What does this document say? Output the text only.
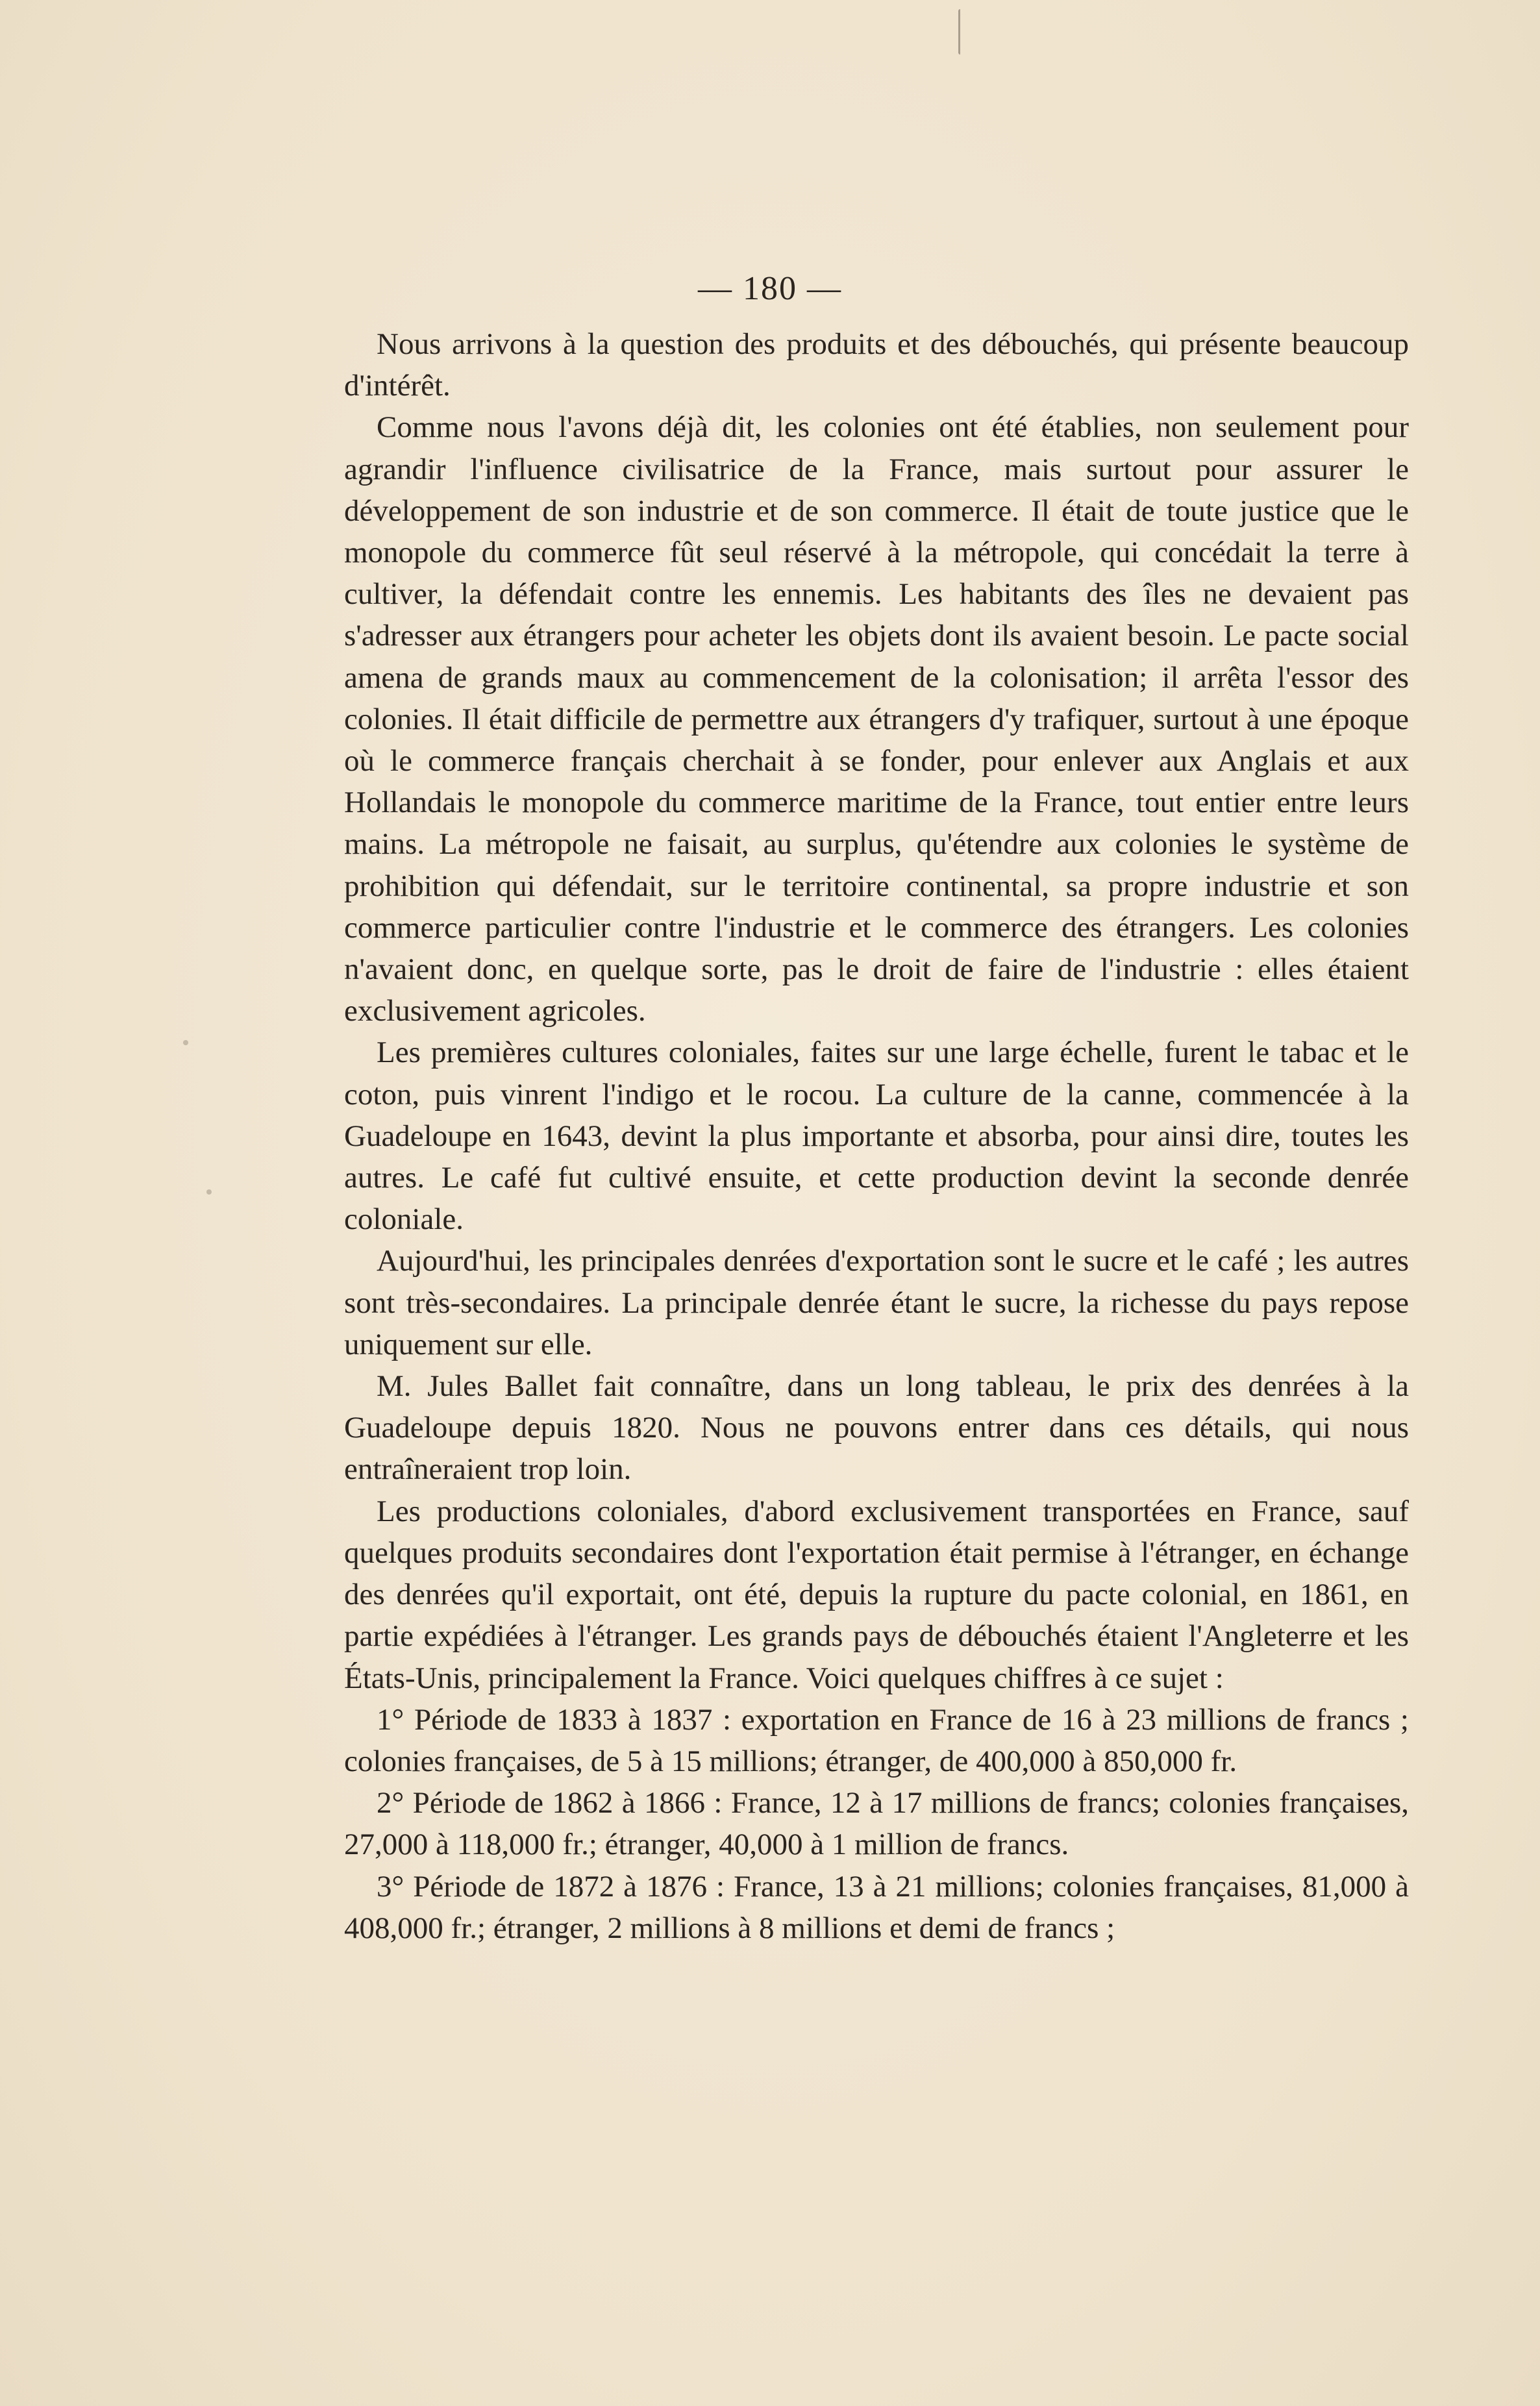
— 180 —

Nous arrivons à la question des produits et des débouchés, qui présente beaucoup d'intérêt.

Comme nous l'avons déjà dit, les colonies ont été établies, non seulement pour agrandir l'influence civilisatrice de la France, mais surtout pour assurer le développement de son industrie et de son commerce. Il était de toute justice que le monopole du commerce fût seul réservé à la métropole, qui concédait la terre à cultiver, la défendait contre les ennemis. Les habitants des îles ne devaient pas s'adresser aux étrangers pour acheter les objets dont ils avaient besoin. Le pacte social amena de grands maux au commencement de la colonisation; il arrêta l'essor des colonies. Il était difficile de permettre aux étrangers d'y trafiquer, surtout à une époque où le commerce français cherchait à se fonder, pour enlever aux Anglais et aux Hollandais le monopole du commerce maritime de la France, tout entier entre leurs mains. La métropole ne faisait, au surplus, qu'étendre aux colonies le système de prohibition qui défendait, sur le territoire continental, sa propre industrie et son commerce particulier contre l'industrie et le commerce des étrangers. Les colonies n'avaient donc, en quelque sorte, pas le droit de faire de l'industrie : elles étaient exclusivement agricoles.

Les premières cultures coloniales, faites sur une large échelle, furent le tabac et le coton, puis vinrent l'indigo et le rocou. La culture de la canne, commencée à la Guadeloupe en 1643, devint la plus importante et absorba, pour ainsi dire, toutes les autres. Le café fut cultivé ensuite, et cette production devint la seconde denrée coloniale.

Aujourd'hui, les principales denrées d'exportation sont le sucre et le café ; les autres sont très-secondaires. La principale denrée étant le sucre, la richesse du pays repose uniquement sur elle.

M. Jules Ballet fait connaître, dans un long tableau, le prix des denrées à la Guadeloupe depuis 1820. Nous ne pouvons entrer dans ces détails, qui nous entraîneraient trop loin.

Les productions coloniales, d'abord exclusivement transportées en France, sauf quelques produits secondaires dont l'exportation était permise à l'étranger, en échange des denrées qu'il exportait, ont été, depuis la rupture du pacte colonial, en 1861, en partie expédiées à l'étranger. Les grands pays de débouchés étaient l'Angleterre et les États-Unis, principalement la France. Voici quelques chiffres à ce sujet :

1° Période de 1833 à 1837 : exportation en France de 16 à 23 millions de francs ; colonies françaises, de 5 à 15 millions; étranger, de 400,000 à 850,000 fr.

2° Période de 1862 à 1866 : France, 12 à 17 millions de francs; colonies françaises, 27,000 à 118,000 fr.; étranger, 40,000 à 1 million de francs.

3° Période de 1872 à 1876 : France, 13 à 21 millions; colonies françaises, 81,000 à 408,000 fr.; étranger, 2 millions à 8 millions et demi de francs ;
